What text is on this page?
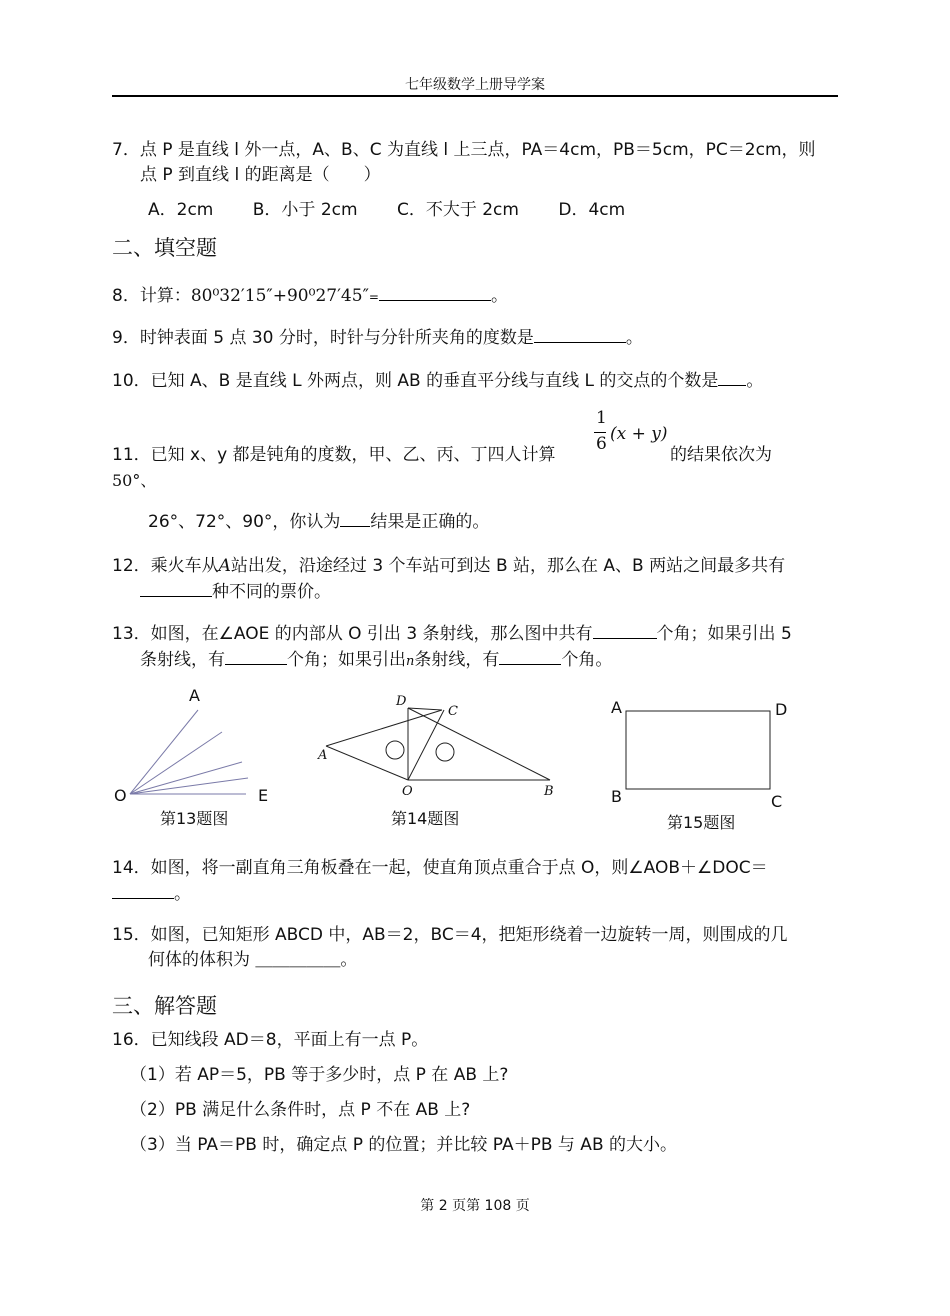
七年级数学上册导学案
7．点 P 是直线 l 外一点，A、B、C 为直线 l 上三点，PA＝4cm，PB＝5cm，PC＝2cm，则
点 P 到直线 l 的距离是（　　）
A．2cm　　 B．小于 2cm　　 C．不大于 2cm　　 D．4cm
二、填空题
8．计算：80⁰32′15″+90⁰27′45″=	。
9．时钟表面 5 点 30 分时，时针与分针所夹角的度数是	。
10．已知 A、B 是直线 L 外两点，则 AB 的垂直平分线与直线 L 的交点的个数是 。
11．已知 x、y 都是钝角的度数，甲、乙、丙、丁四人计算
1
6 (x + y)
的结果依次为
50°、
26°、72°、90°，你认为 结果是正确的。
12．乘火车从A站出发，沿途经过 3 个车站可到达 B 站，那么在 A、B 两站之间最多共有
种不同的票价。
13．如图，在∠AOE 的内部从 O 引出 3 条射线，那么图中共有	个角；如果引出 5
条射线，有	个角；如果引出n条射线，有	个角。
A
O	E
第13题图
D
C
A
O	B
第14题图
A	D
B	C
第15题图
14．如图，将一副直角三角板叠在一起，使直角顶点重合于点 O，则∠AOB＋∠DOC＝
。
15．如图，已知矩形 ABCD 中，AB＝2，BC＝4，把矩形绕着一边旋转一周，则围成的几
何体的体积为 ＿＿＿＿＿。
三、解答题
16．已知线段 AD＝8，平面上有一点 P。
（1）若 AP＝5，PB 等于多少时，点 P 在 AB 上?
（2）PB 满足什么条件时，点 P 不在 AB 上?
（3）当 PA＝PB 时，确定点 P 的位置；并比较 PA＋PB 与 AB 的大小。
第 2 页第 108 页
